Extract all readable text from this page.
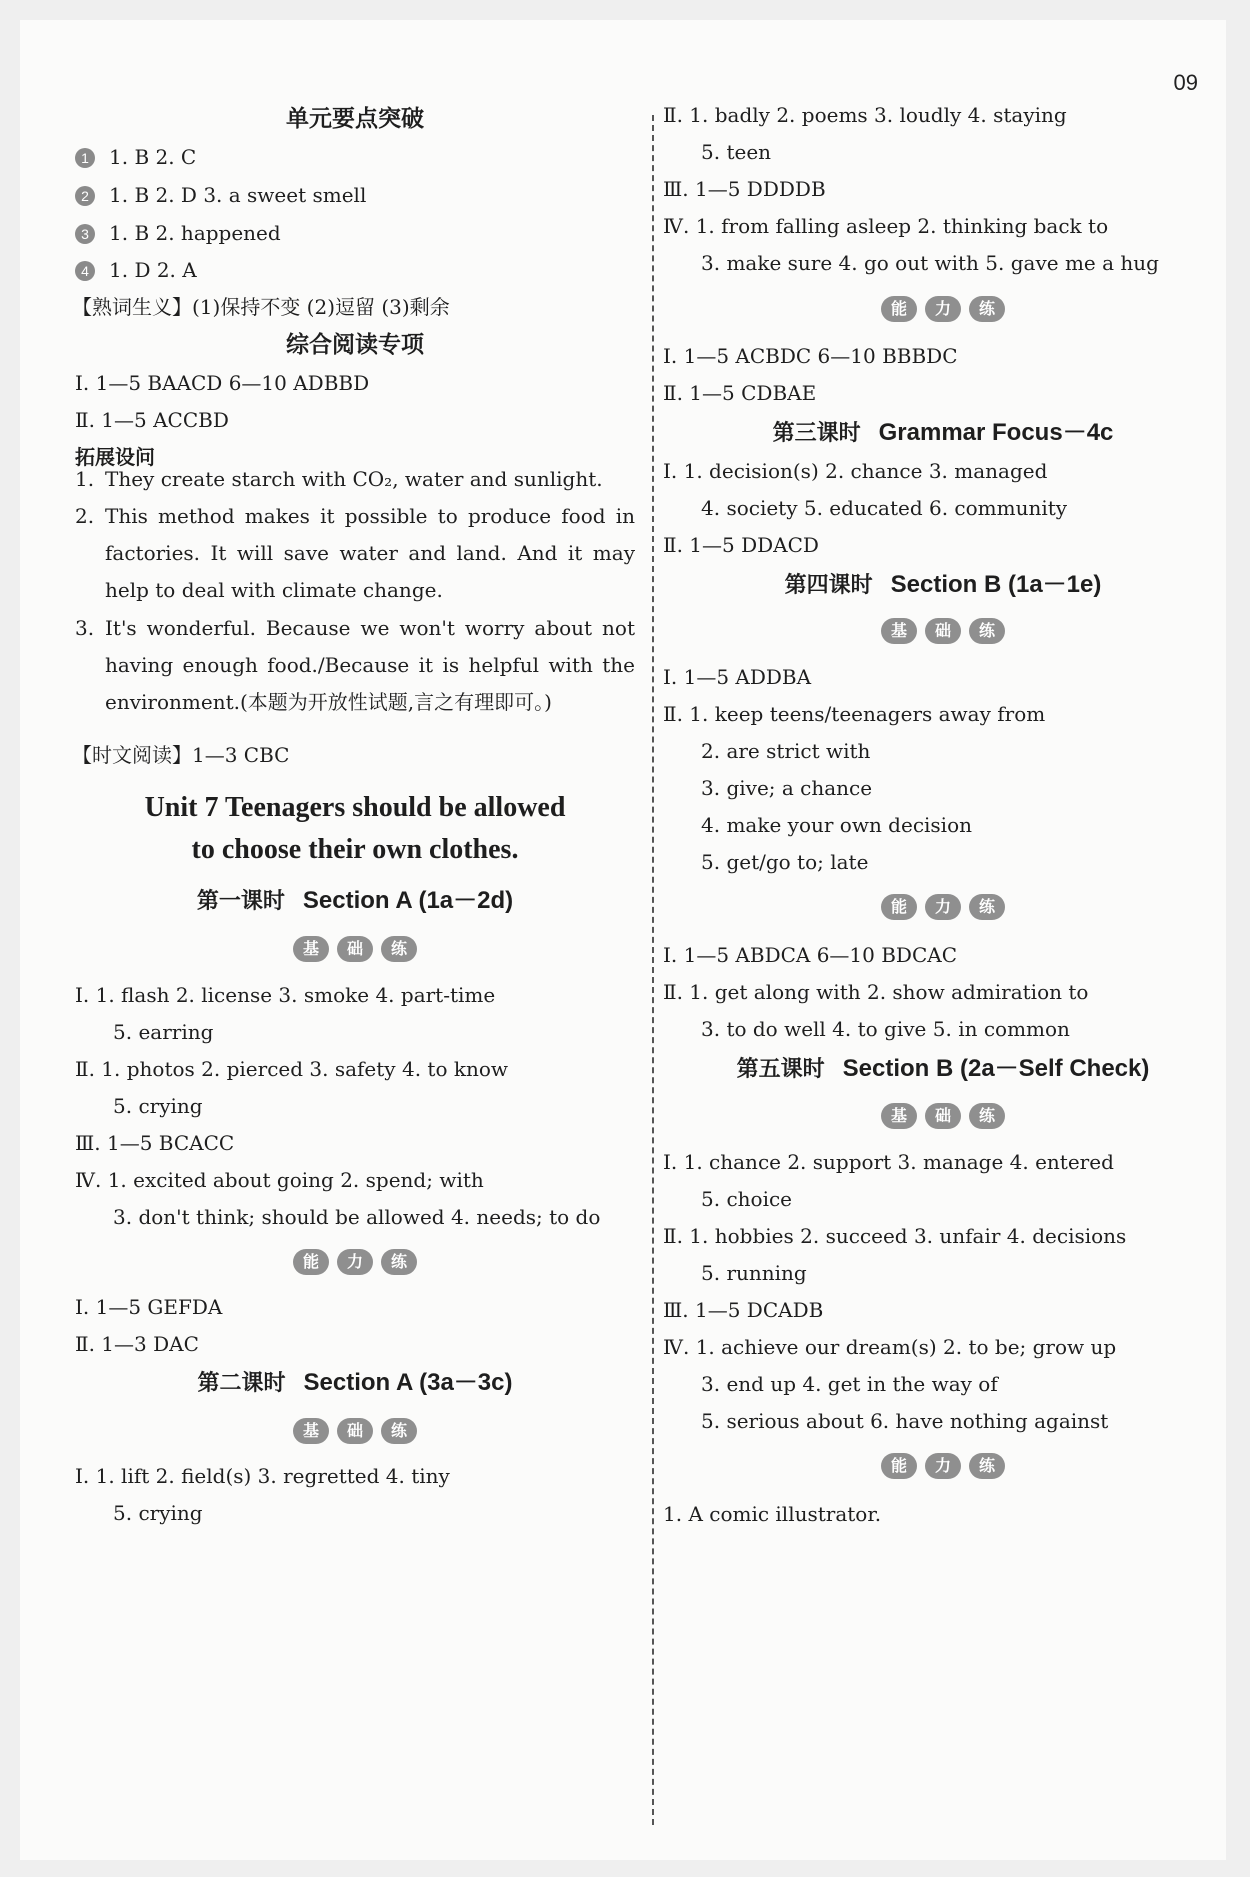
09
单元要点突破
1 1. B 2. C
2 1. B 2. D 3. a sweet smell
3 1. B 2. happened
4 1. D 2. A
【熟词生义】(1)保持不变 (2)逗留 (3)剩余
综合阅读专项
Ⅰ. 1—5 BAACD 6—10 ADBBD
Ⅱ. 1—5 ACCBD
拓展设问
1. They create starch with CO₂, water and sunlight.
2. This method makes it possible to produce food in factories. It will save water and land. And it may help to deal with climate change.
3. It's wonderful. Because we won't worry about not having enough food./Because it is helpful with the environment.(本题为开放性试题,言之有理即可。)
【时文阅读】1—3 CBC
Unit 7 Teenagers should be allowed
to choose their own clothes.
第一课时 Section A (1a－2d)
基	础	练
Ⅰ. 1. flash 2. license 3. smoke 4. part-time
5. earring
Ⅱ. 1. photos 2. pierced 3. safety 4. to know
5. crying
Ⅲ. 1—5 BCACC
Ⅳ. 1. excited about going 2. spend; with
3. don't think; should be allowed 4. needs; to do
能	力	练
Ⅰ. 1—5 GEFDA
Ⅱ. 1—3 DAC
第二课时 Section A (3a－3c)
基	础	练
Ⅰ. 1. lift 2. field(s) 3. regretted 4. tiny
5. crying
Ⅱ. 1. badly 2. poems 3. loudly 4. staying
5. teen
Ⅲ. 1—5 DDDDB
Ⅳ. 1. from falling asleep 2. thinking back to
3. make sure 4. go out with 5. gave me a hug
能	力	练
Ⅰ. 1—5 ACBDC 6—10 BBBDC
Ⅱ. 1—5 CDBAE
第三课时 Grammar Focus－4c
Ⅰ. 1. decision(s) 2. chance 3. managed
4. society 5. educated 6. community
Ⅱ. 1—5 DDACD
第四课时 Section B (1a－1e)
基	础	练
Ⅰ. 1—5 ADDBA
Ⅱ. 1. keep teens/teenagers away from
2. are strict with
3. give; a chance
4. make your own decision
5. get/go to; late
能	力	练
Ⅰ. 1—5 ABDCA 6—10 BDCAC
Ⅱ. 1. get along with 2. show admiration to
3. to do well 4. to give 5. in common
第五课时 Section B (2a－Self Check)
基	础	练
Ⅰ. 1. chance 2. support 3. manage 4. entered
5. choice
Ⅱ. 1. hobbies 2. succeed 3. unfair 4. decisions
5. running
Ⅲ. 1—5 DCADB
Ⅳ. 1. achieve our dream(s) 2. to be; grow up
3. end up 4. get in the way of
5. serious about 6. have nothing against
能	力	练
1. A comic illustrator.
